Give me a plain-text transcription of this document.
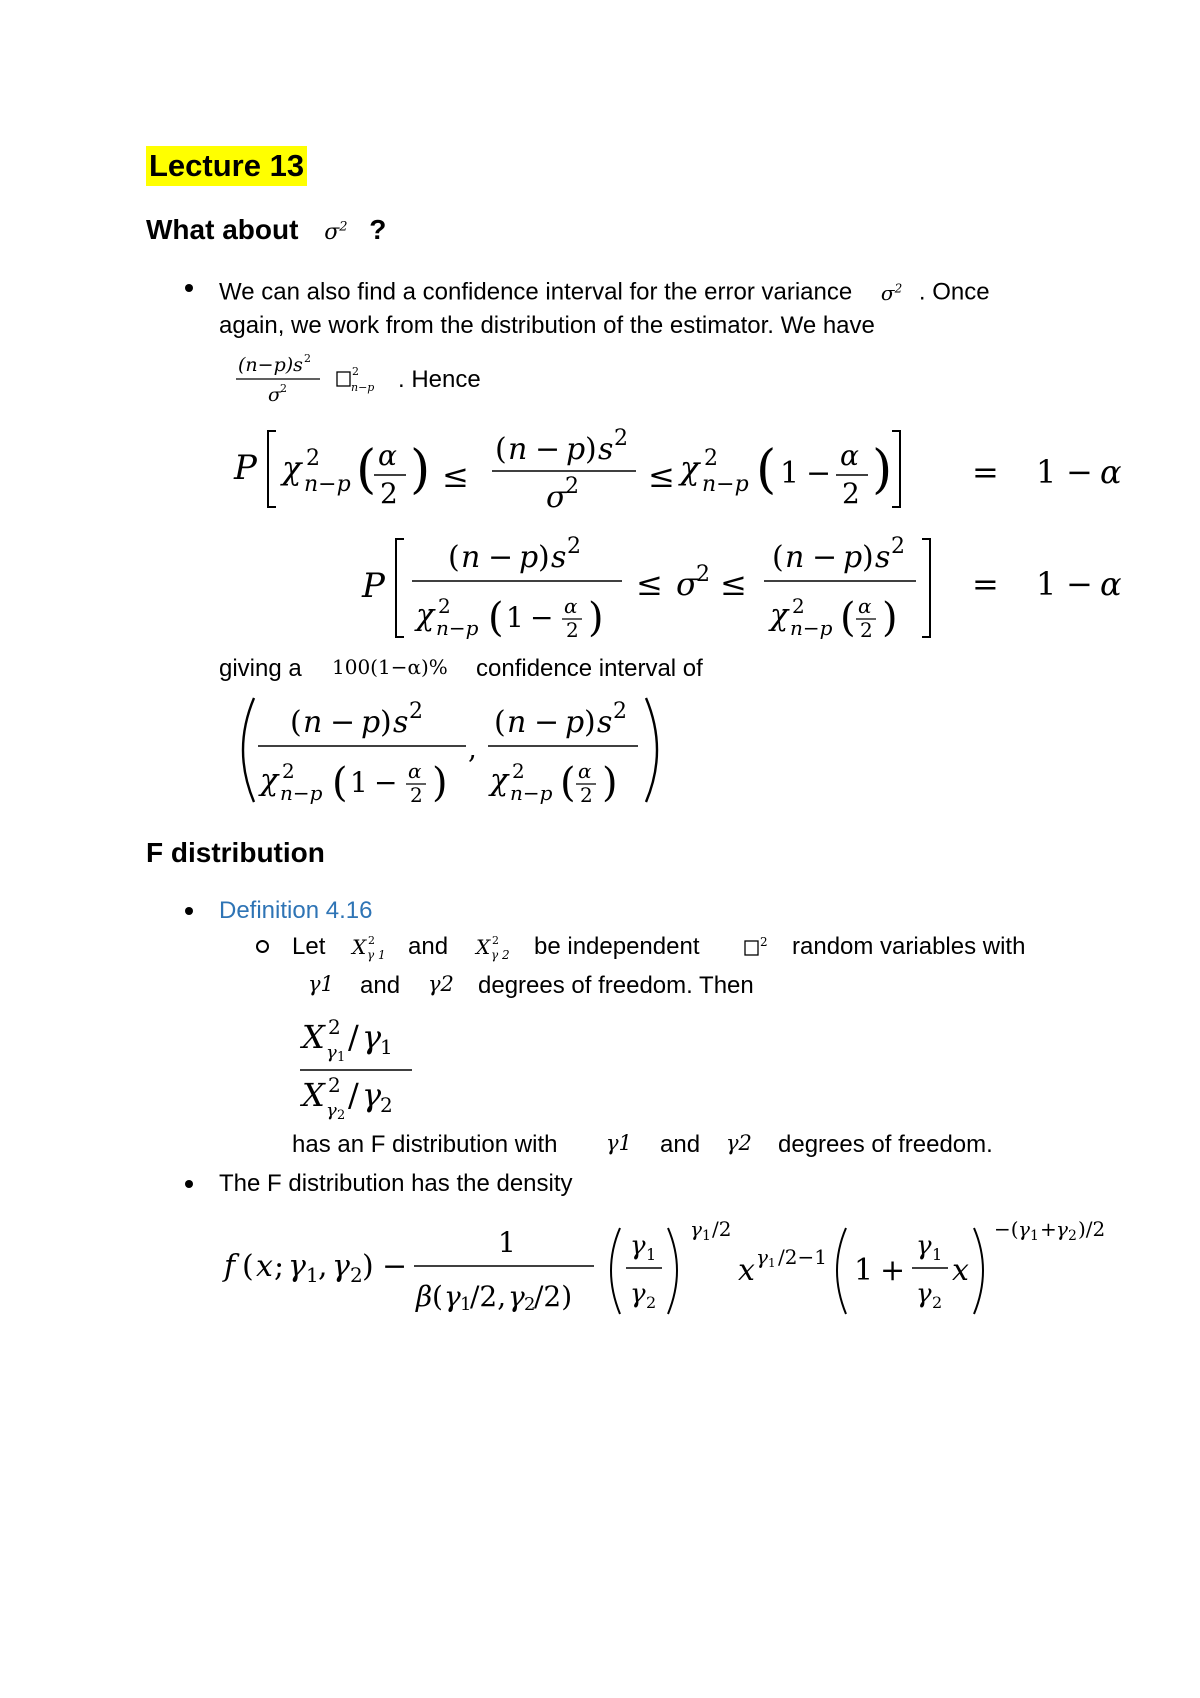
Lecture 13
What about $\sigma^2$ ?
We can also find a confidence interval for the error variance $\sigma^2$ . Once
again, we work from the distribution of the estimator. We have
(n−p)s 2
σ 2
2
n−p . Hence
P χ 2
n−p ( α
2 ) ≤
( n − p ) s 2
σ
2 ≤ χ 2
n−p ( 1 −
α
2 ) = 1 − α
P
( n − p ) s 2
χ 2
n−p ( 1 − α
2 )
≤ σ
2 ≤
( n − p ) s 2
χ 2
n−p ( α
2 )
= 1 − α
giving a 100(1−α)% confidence interval of
( n − p ) s 2
χ 2
n−p ( 1 − α
2 )
,
( n − p ) s 2
χ 2
n−p ( α
2 )
F distribution
Definition 4.16
Let X 2
γ 1 and X 2
γ 2 be independent	2 random variables with
γ1 and γ2 degrees of freedom. Then
X 2
γ 1
/ γ
1
X 2
γ 2
/ γ
2
has an F distribution with γ1 and γ2 degrees of freedom.
The F distribution has the density
f ( x ; γ 1 , γ 2 ) −
1
β ( γ 1
/2, γ 2
/2)
γ 1
γ 2
γ 1 /2
x γ 1 /2−1 1 +
γ 1
γ 2
x
−( γ 1 + γ 2 )/2
